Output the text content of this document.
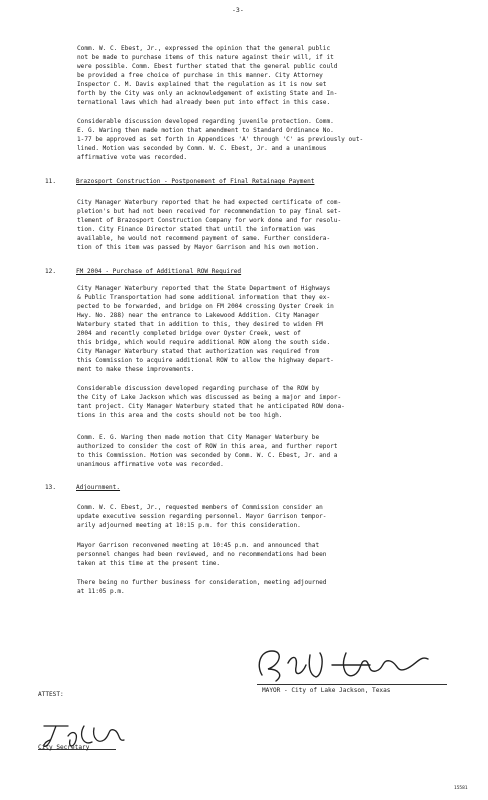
-3-

Comm. W. C. Ebest, Jr., expressed the opinion that the general public

not be made to purchase items of this nature against their will, if it

were possible. Comm. Ebest further stated that the general public could

be provided a free choice of purchase in this manner. City Attorney

Inspector C. M. Davis explained that the regulation as it is now set

forth by the City was only an acknowledgement of existing State and In-

ternational laws which had already been put into effect in this case.

Considerable discussion developed regarding juvenile protection. Comm.

E. G. Waring then made motion that amendment to Standard Ordinance No.

1-77 be approved as set forth in Appendices 'A' through 'C' as previously out-

lined. Motion was seconded by Comm. W. C. Ebest, Jr. and a unanimous

affirmative vote was recorded.

11.	Brazosport Construction - Postponement of Final Retainage Payment

City Manager Waterbury reported that he had expected certificate of com-

pletion's but had not been received for recommendation to pay final set-

tlement of Brazosport Construction Company for work done and for resolu-

tion. City Finance Director stated that until the information was

available, he would not recommend payment of same. Further considera-

tion of this item was passed by Mayor Garrison and his own motion.

12.	FM 2004 - Purchase of Additional ROW Required

City Manager Waterbury reported that the State Department of Highways

& Public Transportation had some additional information that they ex-

pected to be forwarded, and bridge on FM 2004 crossing Oyster Creek in

Hwy. No. 288) near the entrance to Lakewood Addition. City Manager

Waterbury stated that in addition to this, they desired to widen FM

2004 and recently completed bridge over Oyster Creek, west of

this bridge, which would require additional ROW along the south side.

City Manager Waterbury stated that authorization was required from

this Commission to acquire additional ROW to allow the highway depart-

ment to make these improvements.

Considerable discussion developed regarding purchase of the ROW by

the City of Lake Jackson which was discussed as being a major and impor-

tant project. City Manager Waterbury stated that he anticipated ROW dona-

tions in this area and the costs should not be too high.

Comm. E. G. Waring then made motion that City Manager Waterbury be

authorized to consider the cost of ROW in this area, and further report

to this Commission. Motion was seconded by Comm. W. C. Ebest, Jr. and a

unanimous affirmative vote was recorded.

13.	Adjournment.

Comm. W. C. Ebest, Jr., requested members of Commission consider an

update executive session regarding personnel. Mayor Garrison tempor-

arily adjourned meeting at 10:15 p.m. for this consideration.

Mayor Garrison reconvened meeting at 10:45 p.m. and announced that

personnel changes had been reviewed, and no recommendations had been

taken at this time at the present time.

There being no further business for consideration, meeting adjourned

at 11:05 p.m.

MAYOR - City of Lake Jackson, Texas
ATTEST:
City Secretary
15581
